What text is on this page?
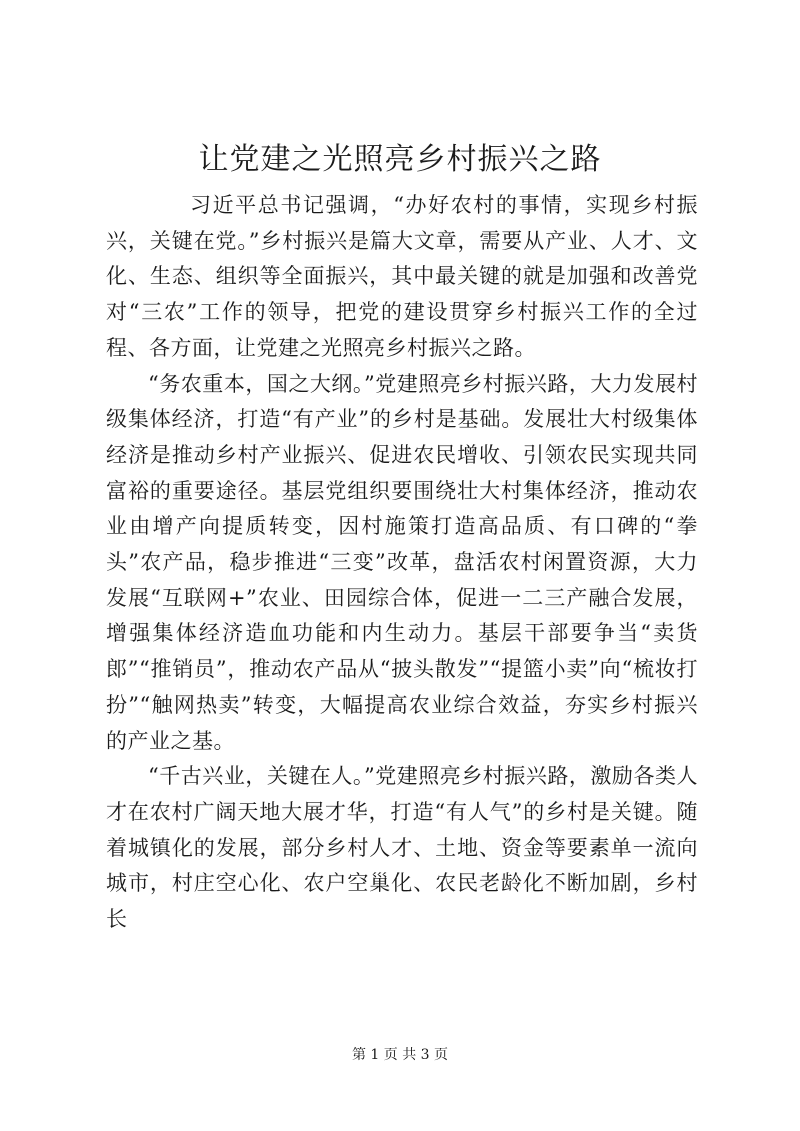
让党建之光照亮乡村振兴之路

习近平总书记强调，“办好农村的事情，实现乡村振兴，关键在党。”乡村振兴是篇大文章，需要从产业、人才、文化、生态、组织等全面振兴，其中最关键的就是加强和改善党对“三农”工作的领导，把党的建设贯穿乡村振兴工作的全过程、各方面，让党建之光照亮乡村振兴之路。

“务农重本，国之大纲。”党建照亮乡村振兴路，大力发展村级集体经济，打造“有产业”的乡村是基础。发展壮大村级集体经济是推动乡村产业振兴、促进农民增收、引领农民实现共同富裕的重要途径。基层党组织要围绕壮大村集体经济，推动农业由增产向提质转变，因村施策打造高品质、有口碑的“拳头”农产品，稳步推进“三变”改革，盘活农村闲置资源，大力发展“互联网+”农业、田园综合体，促进一二三产融合发展，增强集体经济造血功能和内生动力。基层干部要争当“卖货郎”“推销员”，推动农产品从“披头散发”“提篮小卖”向“梳妆打扮”“触网热卖”转变，大幅提高农业综合效益，夯实乡村振兴的产业之基。

“千古兴业，关键在人。”党建照亮乡村振兴路，激励各类人才在农村广阔天地大展才华，打造“有人气”的乡村是关键。随着城镇化的发展，部分乡村人才、土地、资金等要素单一流向城市，村庄空心化、农户空巢化、农民老龄化不断加剧，乡村长

第 1 页 共 3 页
